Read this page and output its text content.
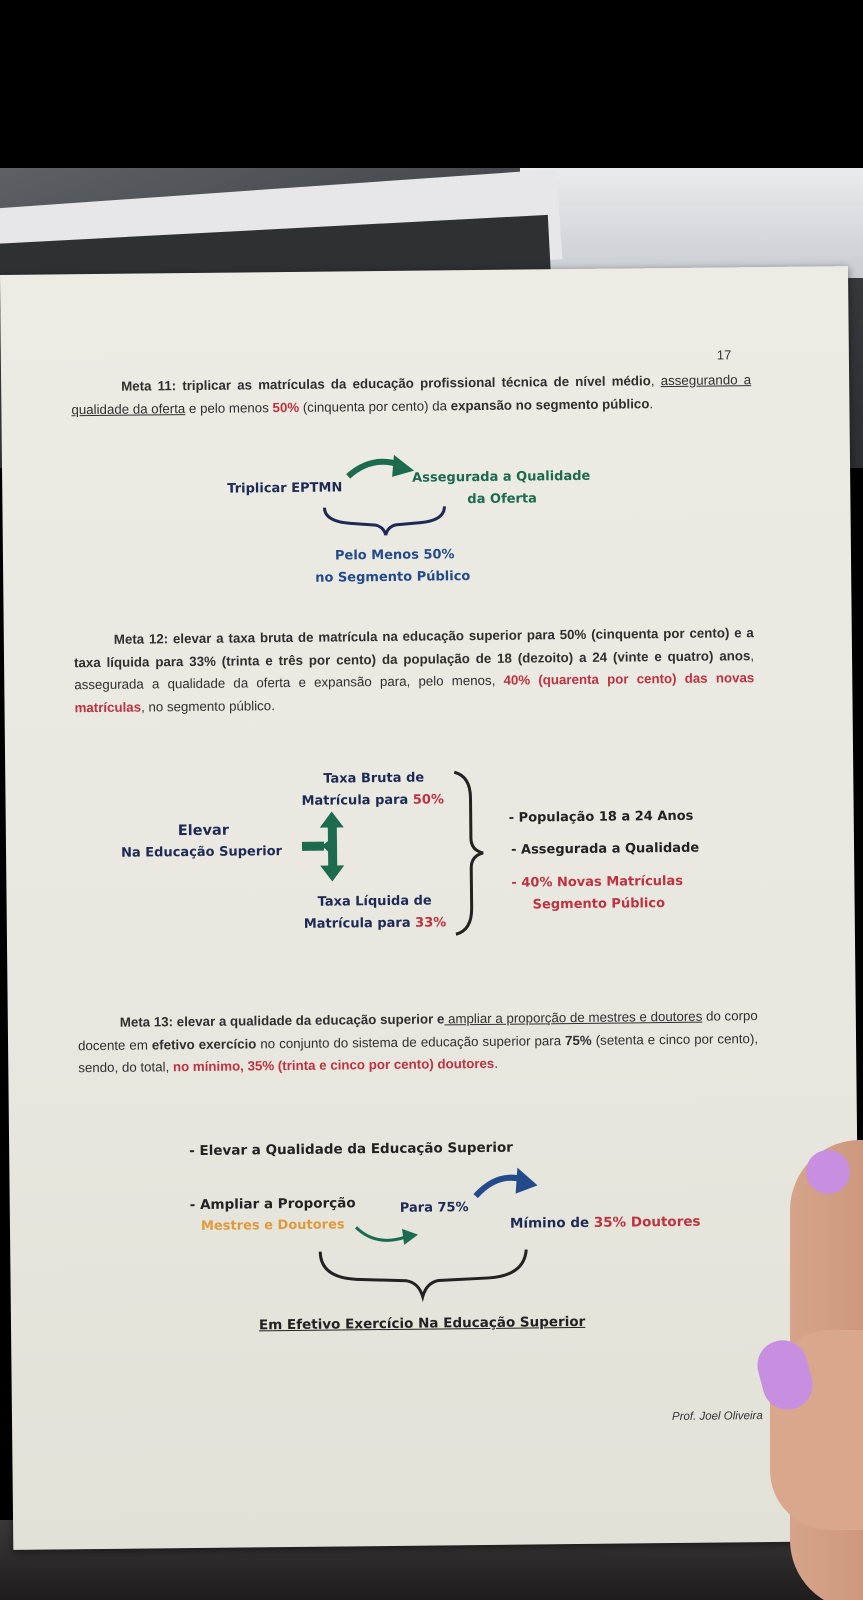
17
Meta 11: triplicar as matrículas da educação profissional técnica de nível médio, assegurando a qualidade da oferta e pelo menos 50% (cinquenta por cento) da expansão no segmento público.
Triplicar EPTMN
Assegurada a Qualidade
da Oferta
Pelo Menos 50%
no Segmento Público
Meta 12: elevar a taxa bruta de matrícula na educação superior para 50% (cinquenta por cento) e a taxa líquida para 33% (trinta e três por cento) da população de 18 (dezoito) a 24 (vinte e quatro) anos, assegurada a qualidade da oferta e expansão para, pelo menos, 40% (quarenta por cento) das novas matrículas, no segmento público.
Elevar
Na Educação Superior
Taxa Bruta de
Matrícula para 50%
Taxa Líquida de
Matrícula para 33%
- População 18 a 24 Anos
- Assegurada a Qualidade
- 40% Novas Matrículas
Segmento Público
Meta 13: elevar a qualidade da educação superior e ampliar a proporção de mestres e doutores do corpo docente em efetivo exercício no conjunto do sistema de educação superior para 75% (setenta e cinco por cento), sendo, do total, no mínimo, 35% (trinta e cinco por cento) doutores.
- Elevar a Qualidade da Educação Superior
- Ampliar a Proporção
Mestres e Doutores
Para 75%
Mímino de 35% Doutores
Em Efetivo Exercício Na Educação Superior
Prof. Joel Oliveira
